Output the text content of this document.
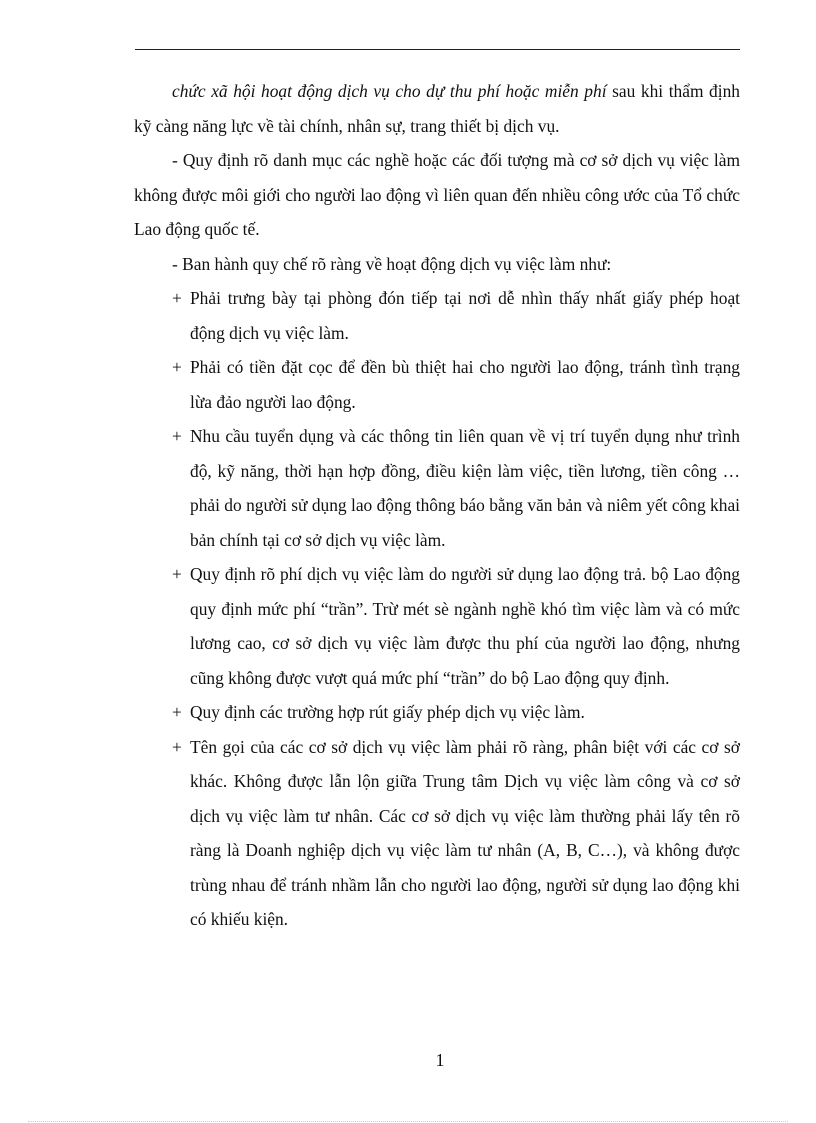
chức xã hội hoạt động dịch vụ cho dự thu phí hoặc miễn phí sau khi thẩm định kỹ càng năng lực về tài chính, nhân sự, trang thiết bị dịch vụ.

- Quy định rõ danh mục các nghề hoặc các đối tượng mà cơ sở dịch vụ việc làm không được môi giới cho người lao động vì liên quan đến nhiều công ước của Tổ chức Lao động quốc tế.

- Ban hành quy chế rõ ràng về hoạt động dịch vụ việc làm như:

+ Phải trưng bày tại phòng đón tiếp tại nơi dễ nhìn thấy nhất giấy phép hoạt động dịch vụ việc làm.

+ Phải có tiền đặt cọc để đền bù thiệt hai cho người lao động, tránh tình trạng lừa đảo người lao động.

+ Nhu cầu tuyển dụng và các thông tin liên quan về vị trí tuyển dụng như trình độ, kỹ năng, thời hạn hợp đồng, điều kiện làm việc, tiền lương, tiền công … phải do người sử dụng lao động thông báo bằng văn bản và niêm yết công khai bản chính tại cơ sở dịch vụ việc làm.

+ Quy định rõ phí dịch vụ việc làm do người sử dụng lao động trả. bộ Lao động quy định mức phí “trần”. Trừ mét sè ngành nghề khó tìm việc làm và có mức lương cao, cơ sở dịch vụ việc làm được thu phí của người lao động, nhưng cũng không được vượt quá mức phí “trần” do bộ Lao động quy định.

+ Quy định các trường hợp rút giấy phép dịch vụ việc làm.

+ Tên gọi của các cơ sở dịch vụ việc làm phải rõ ràng, phân biệt với các cơ sở khác. Không được lẫn lộn giữa Trung tâm Dịch vụ việc làm công và cơ sở dịch vụ việc làm tư nhân. Các cơ sở dịch vụ việc làm thường phải lấy tên rõ ràng là Doanh nghiệp dịch vụ việc làm tư nhân (A, B, C…), và không được trùng nhau để tránh nhầm lẫn cho người lao động, người sử dụng lao động khi có khiếu kiện.

1
